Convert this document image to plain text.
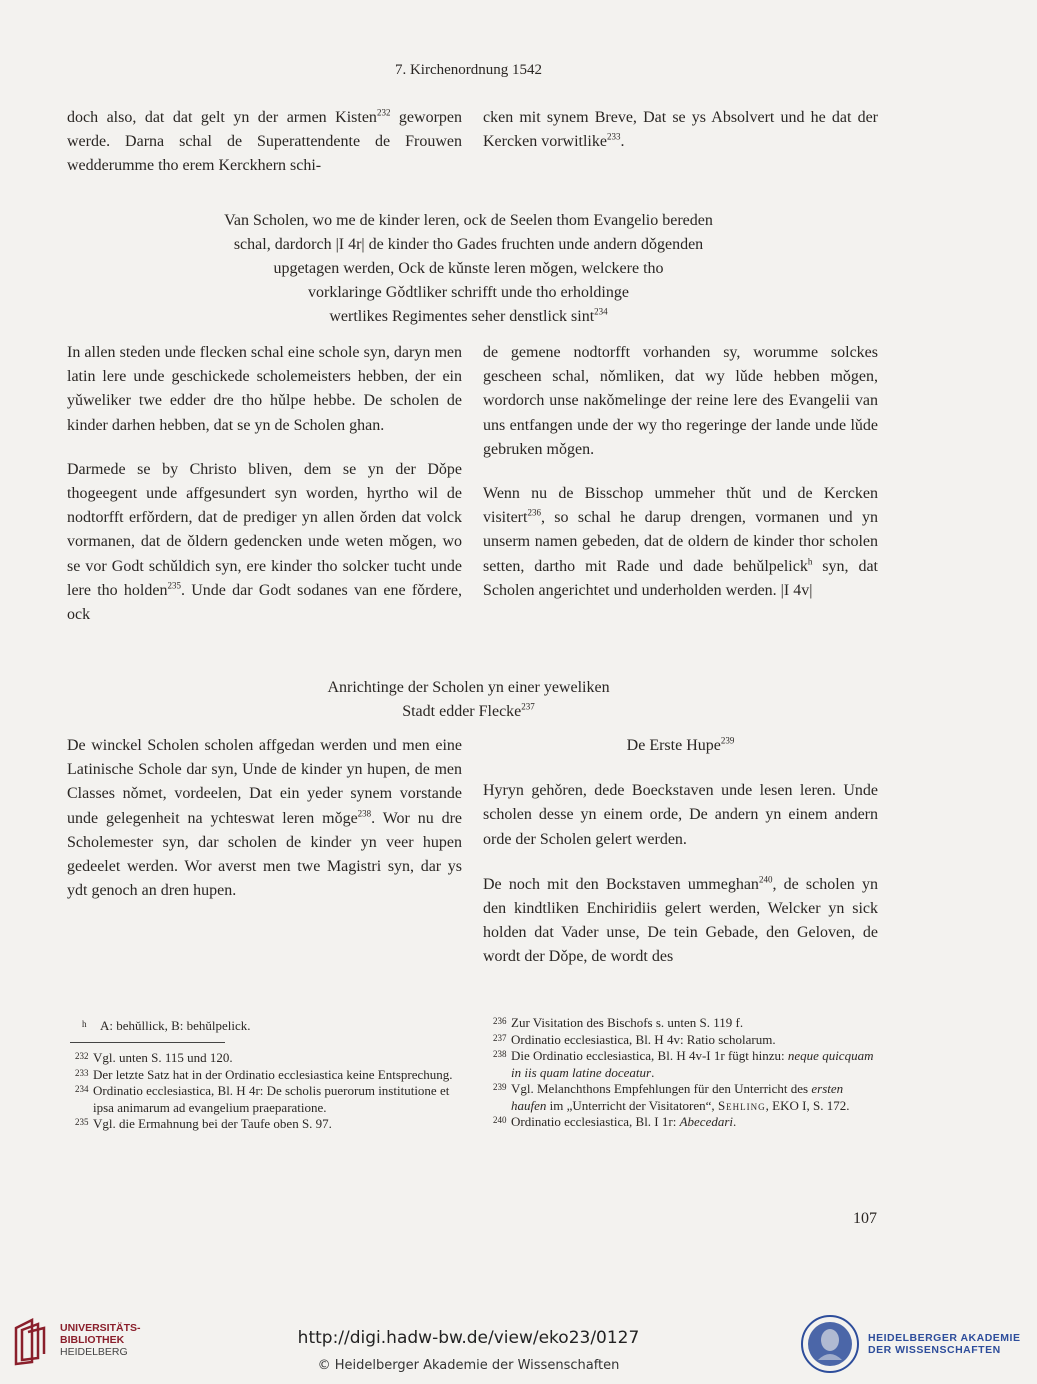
7. Kirchenordnung 1542

doch also, dat dat gelt yn der armen Kisten$^{232}$ geworpen werde. Darna schal de Superattendente de Frouwen wedderumme tho erem Kerckhern schi-

cken mit synem Breve, Dat se ys Absolvert und he dat der Kercken vorwitlike$^{233}$.

Van Scholen, wo me de kinder leren, ock de Seelen thom Evangelio bereden
schal, dardorch |I 4r| de kinder tho Gades fruchten unde andern dǒgenden
upgetagen werden, Ock de kǔnste leren mǒgen, welckere tho
vorklaringe Gǒdtliker schrifft unde tho erholdinge
wertlikes Regimentes seher denstlick sint$^{234}$

In allen steden unde flecken schal eine schole syn, daryn men latin lere unde geschickede scholemeisters hebben, der ein yǔweliker twe edder dre tho hǔlpe hebbe. De scholen de kinder darhen hebben, dat se yn de Scholen ghan.

Darmede se by Christo bliven, dem se yn der Dǒpe thogeegent unde affgesundert syn worden, hyrtho wil de nodtorfft erfǒrdern, dat de prediger yn allen ǒrden dat volck vormanen, dat de ǒldern gedencken unde weten mǒgen, wo se vor Godt schǔldich syn, ere kinder tho solcker tucht unde lere tho holden$^{235}$. Unde dar Godt sodanes van ene fǒrdere, ock

de gemene nodtorfft vorhanden sy, worumme solckes gescheen schal, nǒmliken, dat wy lǔde hebben mǒgen, wordorch unse nakǒmelinge der reine lere des Evangelii van uns entfangen unde der wy tho regeringe der lande unde lǔde gebruken mǒgen.

Wenn nu de Bisschop ummeher thǔt und de Kercken visitert$^{236}$, so schal he darup drengen, vormanen und yn unserm namen gebeden, dat de oldern de kinder thor scholen setten, dartho mit Rade und dade behǔlpelick$^h$ syn, dat Scholen angerichtet und underholden werden. |I 4v|

Anrichtinge der Scholen yn einer yeweliken
Stadt edder Flecke$^{237}$

De winckel Scholen scholen affgedan werden und men eine Latinische Schole dar syn, Unde de kinder yn hupen, de men Classes nǒmet, vordeelen, Dat ein yeder synem vorstande unde gelegenheit na ychteswat leren mǒge$^{238}$. Wor nu dre Scholemester syn, dar scholen de kinder yn veer hupen gedeelet werden. Wor averst men twe Magistri syn, dar ys ydt genoch an dren hupen.

De Erste Hupe$^{239}$

Hyryn gehǒren, dede Boeckstaven unde lesen leren. Unde scholen desse yn einem orde, De andern yn einem andern orde der Scholen gelert werden.

De noch mit den Bockstaven ummeghan$^{240}$, de scholen yn den kindtliken Enchiridiis gelert werden, Welcker yn sick holden dat Vader unse, De tein Gebade, den Geloven, de wordt der Dǒpe, de wordt des

h A: behǔllick, B: behǔlpelick.

232 Vgl. unten S. 115 und 120.

233 Der letzte Satz hat in der Ordinatio ecclesiastica keine Entsprechung.

234 Ordinatio ecclesiastica, Bl. H 4r: De scholis puerorum institutione et ipsa animarum ad evangelium praeparatione.

235 Vgl. die Ermahnung bei der Taufe oben S. 97.

236 Zur Visitation des Bischofs s. unten S. 119 f.

237 Ordinatio ecclesiastica, Bl. H 4v: Ratio scholarum.

238 Die Ordinatio ecclesiastica, Bl. H 4v-I 1r fügt hinzu: neque quicquam in iis quam latine doceatur.

239 Vgl. Melanchthons Empfehlungen für den Unterricht des ersten haufen im „Unterricht der Visitatoren“, Sehling, EKO I, S. 172.

240 Ordinatio ecclesiastica, Bl. I 1r: Abecedari.

107
UNIVERSITÄTS-
BIBLIOTHEK
HEIDELBERG
http://digi.hadw-bw.de/view/eko23/0127
© Heidelberger Akademie der Wissenschaften
HEIDELBERGER AKADEMIE
DER WISSENSCHAFTEN
